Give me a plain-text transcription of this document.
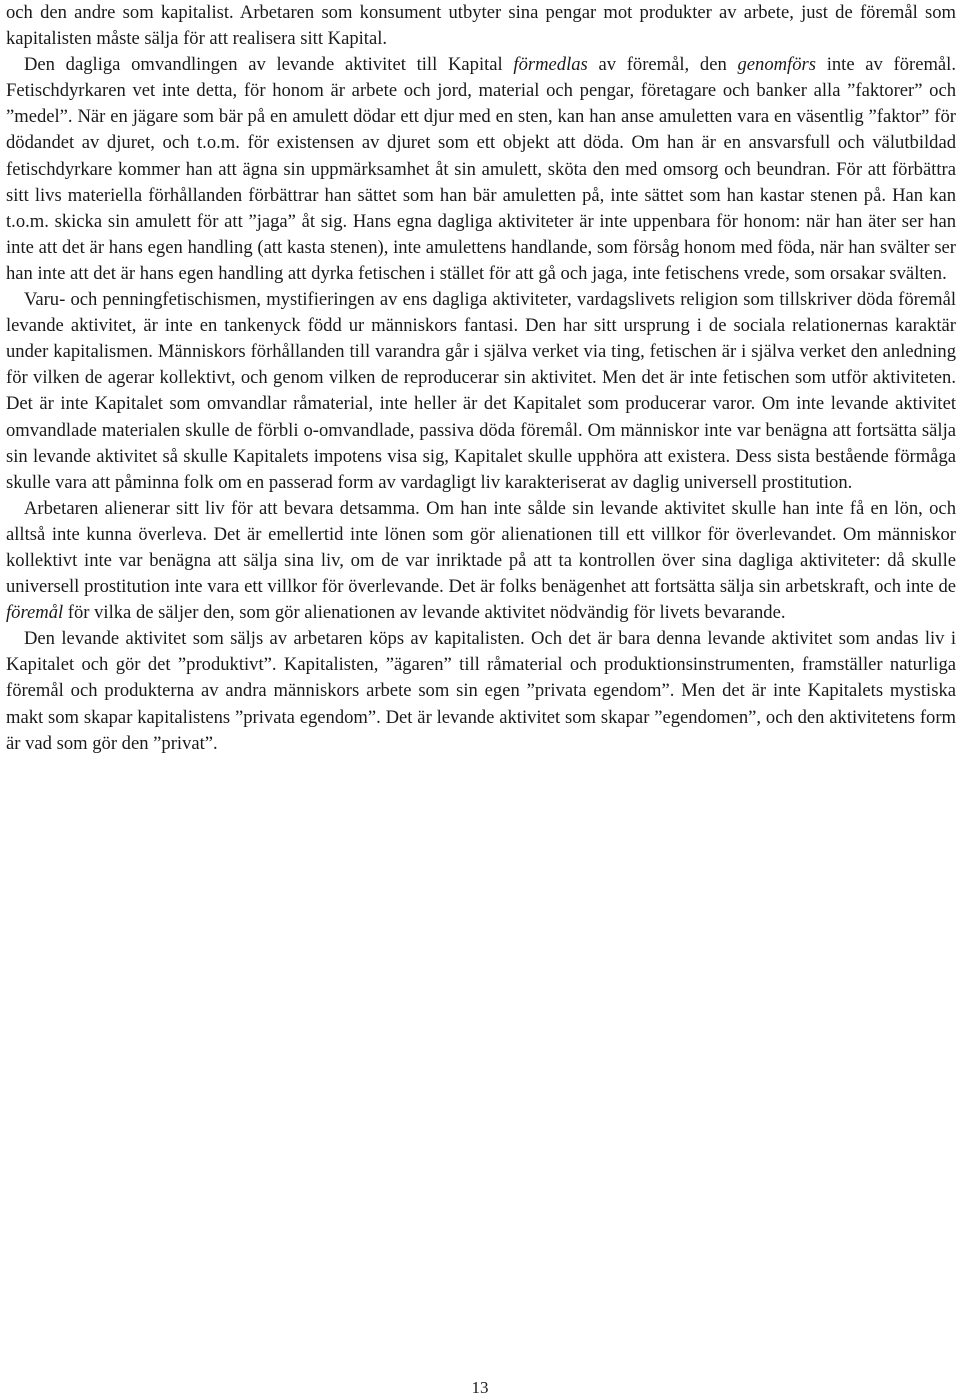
och den andre som kapitalist. Arbetaren som konsument utbyter sina pengar mot produkter av arbete, just de föremål som kapitalisten måste sälja för att realisera sitt Kapital.

Den dagliga omvandlingen av levande aktivitet till Kapital förmedlas av föremål, den genomförs inte av föremål. Fetischdyrkaren vet inte detta, för honom är arbete och jord, material och pengar, företagare och banker alla ”faktorer” och ”medel”. När en jägare som bär på en amulett dödar ett djur med en sten, kan han anse amuletten vara en väsentlig ”faktor” för dödandet av djuret, och t.o.m. för existensen av djuret som ett objekt att döda. Om han är en ansvarsfull och välutbildad fetischdyrkare kommer han att ägna sin uppmärksamhet åt sin amulett, sköta den med omsorg och beundran. För att förbättra sitt livs materiella förhållanden förbättrar han sättet som han bär amuletten på, inte sättet som han kastar stenen på. Han kan t.o.m. skicka sin amulett för att ”jaga” åt sig. Hans egna dagliga aktiviteter är inte uppenbara för honom: när han äter ser han inte att det är hans egen handling (att kasta stenen), inte amulettens handlande, som försåg honom med föda, när han svälter ser han inte att det är hans egen handling att dyrka fetischen i stället för att gå och jaga, inte fetischens vrede, som orsakar svälten.

Varu- och penningfetischismen, mystifieringen av ens dagliga aktiviteter, vardagslivets religion som tillskriver döda föremål levande aktivitet, är inte en tankenyck född ur människors fantasi. Den har sitt ursprung i de sociala relationernas karaktär under kapitalismen. Människors förhållanden till varandra går i själva verket via ting, fetischen är i själva verket den anledning för vilken de agerar kollektivt, och genom vilken de reproducerar sin aktivitet. Men det är inte fetischen som utför aktiviteten. Det är inte Kapitalet som omvandlar råmaterial, inte heller är det Kapitalet som producerar varor. Om inte levande aktivitet omvandlade materialen skulle de förbli o-omvandlade, passiva döda föremål. Om människor inte var benägna att fortsätta sälja sin levande aktivitet så skulle Kapitalets impotens visa sig, Kapitalet skulle upphöra att existera. Dess sista bestående förmåga skulle vara att påminna folk om en passerad form av vardagligt liv karakteriserat av daglig universell prostitution.

Arbetaren alienerar sitt liv för att bevara detsamma. Om han inte sålde sin levande aktivitet skulle han inte få en lön, och alltså inte kunna överleva. Det är emellertid inte lönen som gör alienationen till ett villkor för överlevandet. Om människor kollektivt inte var benägna att sälja sina liv, om de var inriktade på att ta kontrollen över sina dagliga aktiviteter: då skulle universell prostitution inte vara ett villkor för överlevande. Det är folks benägenhet att fortsätta sälja sin arbetskraft, och inte de föremål för vilka de säljer den, som gör alienationen av levande aktivitet nödvändig för livets bevarande.

Den levande aktivitet som säljs av arbetaren köps av kapitalisten. Och det är bara denna levande aktivitet som andas liv i Kapitalet och gör det ”produktivt”. Kapitalisten, ”ägaren” till råmaterial och produktionsinstrumenten, framställer naturliga föremål och produkterna av andra människors arbete som sin egen ”privata egendom”. Men det är inte Kapitalets mystiska makt som skapar kapitalistens ”privata egendom”. Det är levande aktivitet som skapar ”egendomen”, och den aktivitetens form är vad som gör den ”privat”.

13
